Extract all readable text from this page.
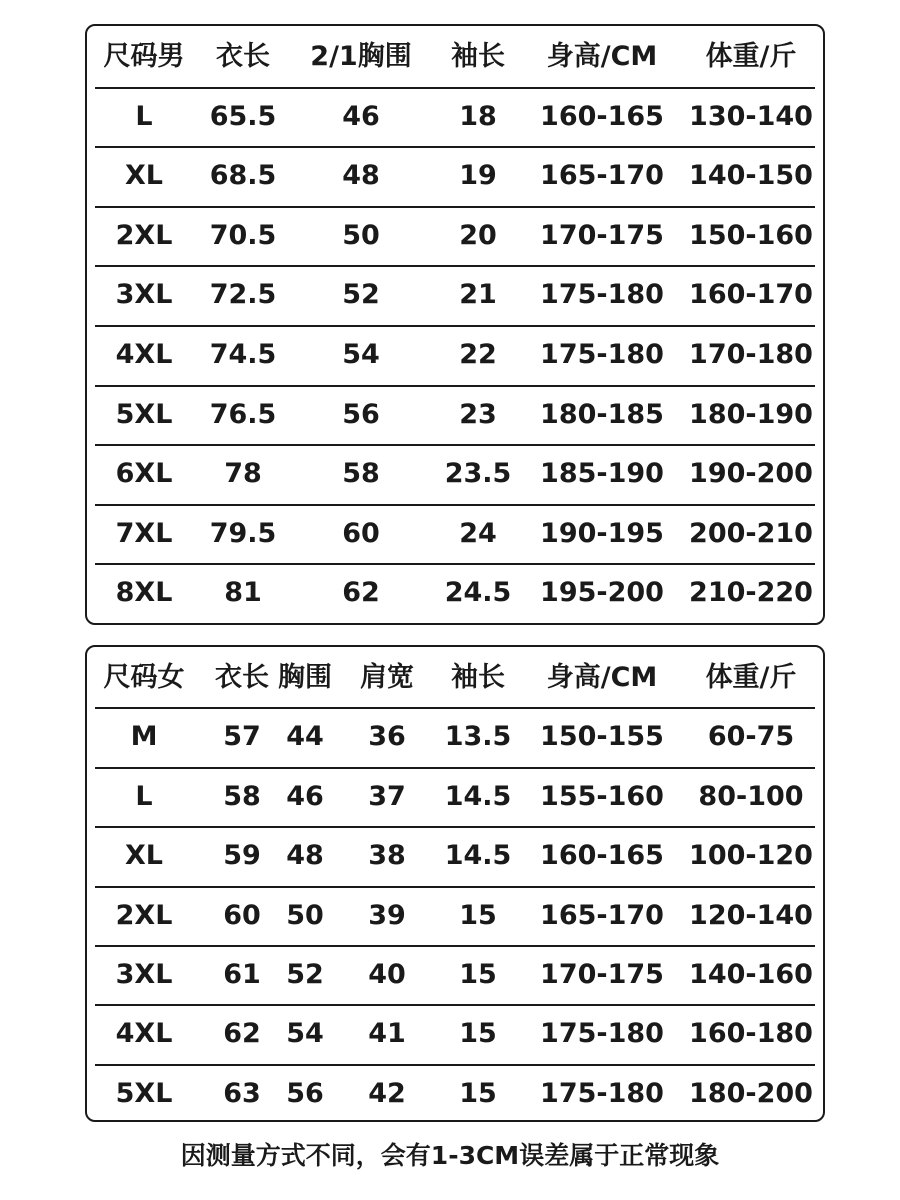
尺码男 衣长 2/1胸围 袖长 身高/CM 体重/斤
L 65.5 46	18 160-165 130-140
XL 68.5 48	19 165-170 140-150
2XL 70.5 50	20 170-175 150-160
3XL 72.5 52	21 175-180 160-170
4XL 74.5 54	22 175-180 170-180
5XL 76.5 56	23 180-185 180-190
6XL 78	58 23.5 185-190 190-200
7XL 79.5 60	24 190-195 200-210
8XL 81	62 24.5 195-200 210-220
尺码女 衣长 胸围 肩宽 袖长 身高/CM 体重/斤
M 57 44 36 13.5 150-155 60-75
L	58 46 37 14.5 155-160 80-100
XL 59 48 38 14.5 160-165 100-120
2XL 60 50 39 15 165-170 120-140
3XL 61 52 40 15 170-175 140-160
4XL 62 54 41 15 175-180 160-180
5XL 63 56 42 15 175-180 180-200
因测量方式不同，会有1-3CM误差属于正常现象
